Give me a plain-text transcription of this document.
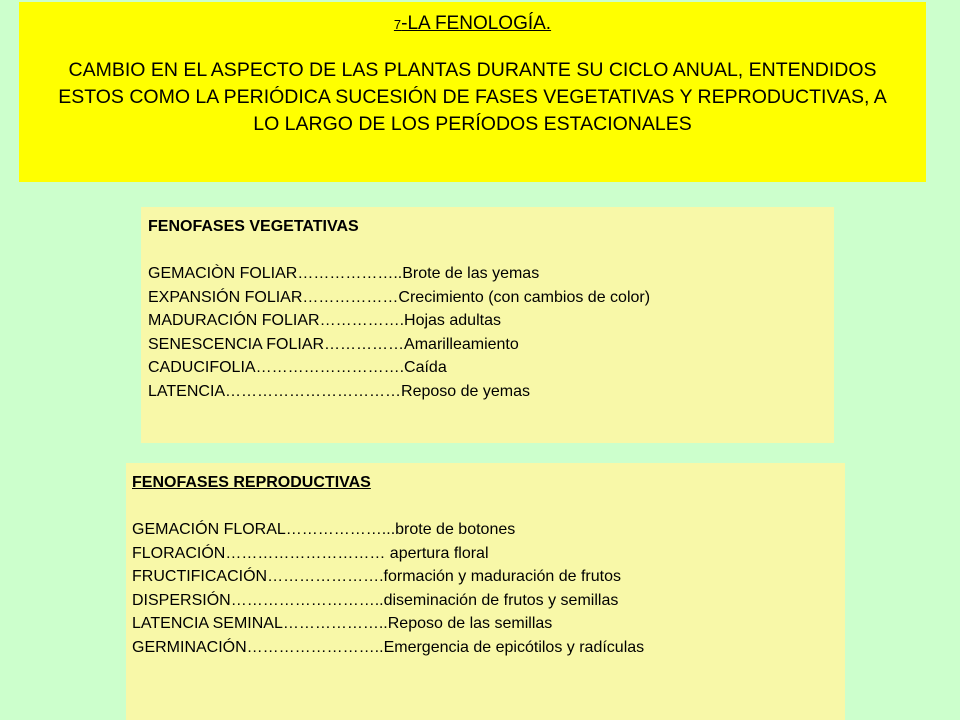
7-LA FENOLOGÍA.

CAMBIO EN EL ASPECTO DE LAS PLANTAS DURANTE SU CICLO ANUAL, ENTENDIDOS ESTOS COMO LA PERIÓDICA SUCESIÓN DE FASES VEGETATIVAS Y REPRODUCTIVAS, A LO LARGO DE LOS PERÍODOS ESTACIONALES

FENOFASES VEGETATIVAS

GEMACIÒN FOLIAR………………..Brote de las yemas

EXPANSIÓN FOLIAR………………Crecimiento (con cambios de color)

MADURACIÓN FOLIAR…………….Hojas adultas

SENESCENCIA FOLIAR……………Amarilleamiento

CADUCIFOLIA……………………….Caída

LATENCIA……………………………Reposo de yemas

FENOFASES REPRODUCTIVAS

GEMACIÓN FLORAL………………...brote de botones

FLORACIÓN………………………… apertura floral

FRUCTIFICACIÓN………………….formación y maduración de frutos

DISPERSIÓN………………………..diseminación de frutos y semillas

LATENCIA SEMINAL………………..Reposo de las semillas

GERMINACIÓN……………………..Emergencia de epicótilos y radículas
